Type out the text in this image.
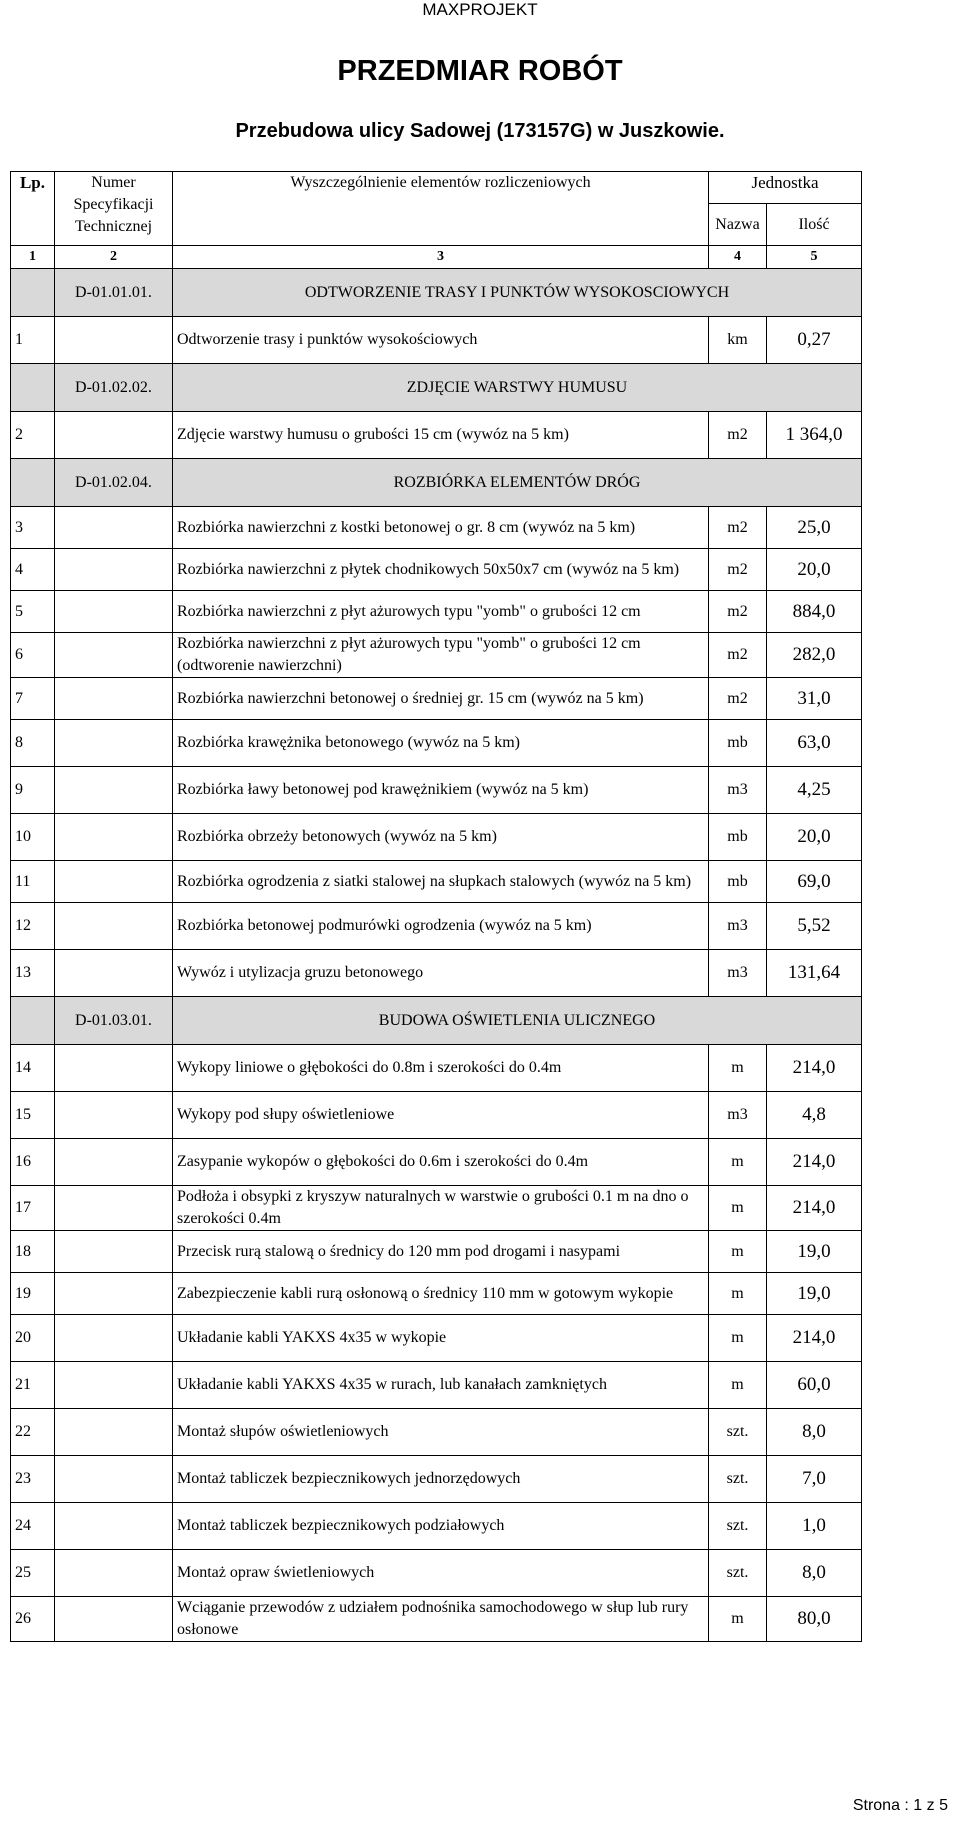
MAXPROJEKT
PRZEDMIAR ROBÓT
Przebudowa ulicy Sadowej (173157G) w Juszkowie.
Lp.	Numer Specyfikacji Technicznej	Wyszczególnienie elementów rozliczeniowych	Jednostka	
			Nazwa	Ilość
1	2	3	4	5
	D-01.01.01.	ODTWORZENIE TRASY I PUNKTÓW WYSOKOSCIOWYCH		
1		Odtworzenie trasy i punktów wysokościowych	km	0,27
	D-01.02.02.	ZDJĘCIE WARSTWY HUMUSU		
2		Zdjęcie warstwy humusu o grubości 15 cm (wywóz na 5 km)	m2	1 364,0
	D-01.02.04.	ROZBIÓRKA ELEMENTÓW DRÓG		
3		Rozbiórka nawierzchni z kostki betonowej o gr. 8 cm (wywóz na 5 km)	m2	25,0
4		Rozbiórka nawierzchni z płytek chodnikowych 50x50x7 cm (wywóz na 5 km)	m2	20,0
5		Rozbiórka nawierzchni z płyt ażurowych typu "yomb" o grubości 12 cm	m2	884,0
6		Rozbiórka nawierzchni z płyt ażurowych typu "yomb" o grubości 12 cm (odtworenie nawierzchni)	m2	282,0
7		Rozbiórka nawierzchni betonowej o średniej gr. 15 cm (wywóz na 5 km)	m2	31,0
8		Rozbiórka krawężnika betonowego (wywóz na 5 km)	mb	63,0
9		Rozbiórka ławy betonowej pod krawężnikiem (wywóz na 5 km)	m3	4,25
10		Rozbiórka obrzeży betonowych (wywóz na 5 km)	mb	20,0
11		Rozbiórka ogrodzenia z siatki stalowej na słupkach stalowych (wywóz na 5 km)	mb	69,0
12		Rozbiórka betonowej podmurówki ogrodzenia (wywóz na 5 km)	m3	5,52
13		Wywóz i utylizacja gruzu betonowego	m3	131,64
	D-01.03.01.	BUDOWA OŚWIETLENIA ULICZNEGO		
14		Wykopy liniowe o głębokości do 0.8m i szerokości do 0.4m	m	214,0
15		Wykopy pod słupy oświetleniowe	m3	4,8
16		Zasypanie wykopów o głębokości do 0.6m i szerokości do 0.4m	m	214,0
17		Podłoża i obsypki z kryszyw naturalnych w warstwie o grubości 0.1 m na dno o szerokości 0.4m	m	214,0
18		Przecisk rurą stalową o średnicy do 120 mm pod drogami i nasypami	m	19,0
19		Zabezpieczenie kabli rurą osłonową o średnicy 110 mm w gotowym wykopie	m	19,0
20		Układanie kabli YAKXS 4x35 w wykopie	m	214,0
21		Układanie kabli YAKXS 4x35 w rurach, lub kanałach zamkniętych	m	60,0
22		Montaż słupów oświetleniowych	szt.	8,0
23		Montaż tabliczek bezpiecznikowych jednorzędowych	szt.	7,0
24		Montaż tabliczek bezpiecznikowych podziałowych	szt.	1,0
25		Montaż opraw świetleniowych	szt.	8,0
26		Wciąganie przewodów z udziałem podnośnika samochodowego w słup lub rury osłonowe	m	80,0
Strona : 1 z 5
